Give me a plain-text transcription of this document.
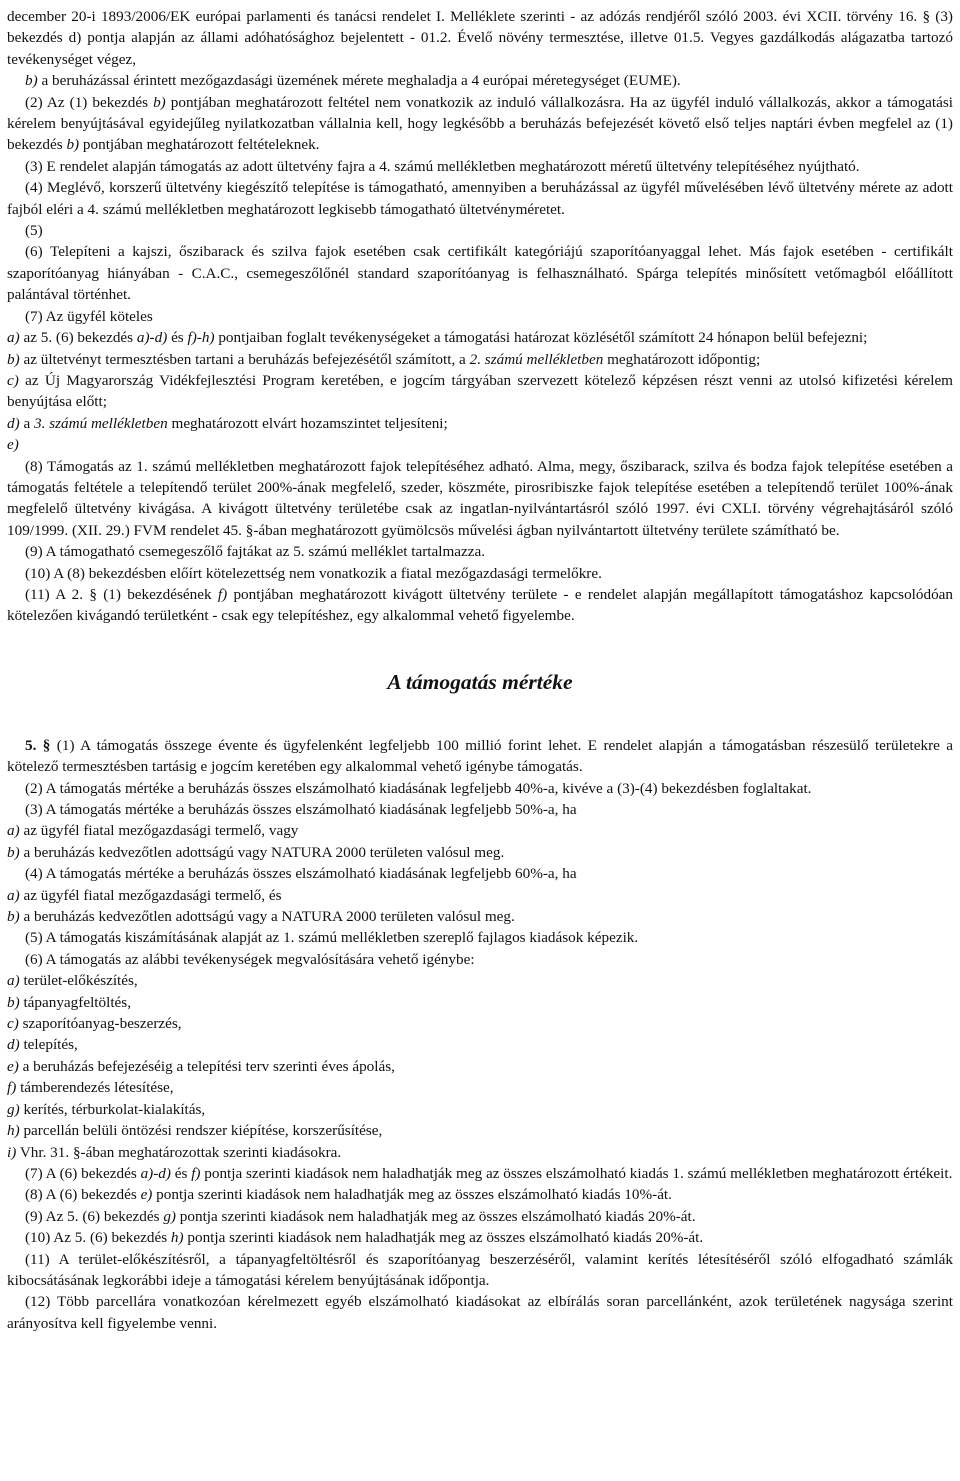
december 20-i 1893/2006/EK európai parlamenti és tanácsi rendelet I. Melléklete szerinti - az adózás rendjéről szóló 2003. évi XCII. törvény 16. § (3) bekezdés d) pontja alapján az állami adóhatósághoz bejelentett - 01.2. Évelő növény termesztése, illetve 01.5. Vegyes gazdálkodás alágazatba tartozó tevékenységet végez,

b) a beruházással érintett mezőgazdasági üzemének mérete meghaladja a 4 európai méretegységet (EUME).

(2) Az (1) bekezdés b) pontjában meghatározott feltétel nem vonatkozik az induló vállalkozásra. Ha az ügyfél induló vállalkozás, akkor a támogatási kérelem benyújtásával egyidejűleg nyilatkozatban vállalnia kell, hogy legkésőbb a beruházás befejezését követő első teljes naptári évben megfelel az (1) bekezdés b) pontjában meghatározott feltételeknek.

(3) E rendelet alapján támogatás az adott ültetvény fajra a 4. számú mellékletben meghatározott méretű ültetvény telepítéséhez nyújtható.

(4) Meglévő, korszerű ültetvény kiegészítő telepítése is támogatható, amennyiben a beruházással az ügyfél művelésében lévő ültetvény mérete az adott fajból eléri a 4. számú mellékletben meghatározott legkisebb támogatható ültetvényméretet.

(5)

(6) Telepíteni a kajszi, őszibarack és szilva fajok esetében csak certifikált kategóriájú szaporítóanyaggal lehet. Más fajok esetében - certifikált szaporítóanyag hiányában - C.A.C., csemegeszőlőnél standard szaporítóanyag is felhasználható. Spárga telepítés minősített vetőmagból előállított palántával történhet.

(7) Az ügyfél köteles

a) az 5. (6) bekezdés a)-d) és f)-h) pontjaiban foglalt tevékenységeket a támogatási határozat közlésétől számított 24 hónapon belül befejezni;

b) az ültetvényt termesztésben tartani a beruházás befejezésétől számított, a 2. számú mellékletben meghatározott időpontig;

c) az Új Magyarország Vidékfejlesztési Program keretében, e jogcím tárgyában szervezett kötelező képzésen részt venni az utolsó kifizetési kérelem benyújtása előtt;

d) a 3. számú mellékletben meghatározott elvárt hozamszintet teljesíteni;

e)

(8) Támogatás az 1. számú mellékletben meghatározott fajok telepítéséhez adható. Alma, megy, őszibarack, szilva és bodza fajok telepítése esetében a támogatás feltétele a telepítendő terület 200%-ának megfelelő, szeder, köszméte, pirosribiszke fajok telepítése esetében a telepítendő terület 100%-ának megfelelő ültetvény kivágása. A kivágott ültetvény területébe csak az ingatlan-nyilvántartásról szóló 1997. évi CXLI. törvény végrehajtásáról szóló 109/1999. (XII. 29.) FVM rendelet 45. §-ában meghatározott gyümölcsös művelési ágban nyilvántartott ültetvény területe számítható be.

(9) A támogatható csemegeszőlő fajtákat az 5. számú melléklet tartalmazza.

(10) A (8) bekezdésben előírt kötelezettség nem vonatkozik a fiatal mezőgazdasági termelőkre.

(11) A 2. § (1) bekezdésének f) pontjában meghatározott kivágott ültetvény területe - e rendelet alapján megállapított támogatáshoz kapcsolódóan kötelezően kivágandó területként - csak egy telepítéshez, egy alkalommal vehető figyelembe.

A támogatás mértéke

5. § (1) A támogatás összege évente és ügyfelenként legfeljebb 100 millió forint lehet. E rendelet alapján a támogatásban részesülő területekre a kötelező termesztésben tartásig e jogcím keretében egy alkalommal vehető igénybe támogatás.

(2) A támogatás mértéke a beruházás összes elszámolható kiadásának legfeljebb 40%-a, kivéve a (3)-(4) bekezdésben foglaltakat.

(3) A támogatás mértéke a beruházás összes elszámolható kiadásának legfeljebb 50%-a, ha

a) az ügyfél fiatal mezőgazdasági termelő, vagy

b) a beruházás kedvezőtlen adottságú vagy NATURA 2000 területen valósul meg.

(4) A támogatás mértéke a beruházás összes elszámolható kiadásának legfeljebb 60%-a, ha

a) az ügyfél fiatal mezőgazdasági termelő, és

b) a beruházás kedvezőtlen adottságú vagy a NATURA 2000 területen valósul meg.

(5) A támogatás kiszámításának alapját az 1. számú mellékletben szereplő fajlagos kiadások képezik.

(6) A támogatás az alábbi tevékenységek megvalósítására vehető igénybe:

a) terület-előkészítés,

b) tápanyagfeltöltés,

c) szaporítóanyag-beszerzés,

d) telepítés,

e) a beruházás befejezéséig a telepítési terv szerinti éves ápolás,

f) támberendezés létesítése,

g) kerítés, térburkolat-kialakítás,

h) parcellán belüli öntözési rendszer kiépítése, korszerűsítése,

i) Vhr. 31. §-ában meghatározottak szerinti kiadásokra.

(7) A (6) bekezdés a)-d) és f) pontja szerinti kiadások nem haladhatják meg az összes elszámolható kiadás 1. számú mellékletben meghatározott értékeit.

(8) A (6) bekezdés e) pontja szerinti kiadások nem haladhatják meg az összes elszámolható kiadás 10%-át.

(9) Az 5. (6) bekezdés g) pontja szerinti kiadások nem haladhatják meg az összes elszámolható kiadás 20%-át.

(10) Az 5. (6) bekezdés h) pontja szerinti kiadások nem haladhatják meg az összes elszámolható kiadás 20%-át.

(11) A terület-előkészítésről, a tápanyagfeltöltésről és szaporítóanyag beszerzéséről, valamint kerítés létesítéséről szóló elfogadható számlák kibocsátásának legkorábbi ideje a támogatási kérelem benyújtásának időpontja.

(12) Több parcellára vonatkozóan kérelmezett egyéb elszámolható kiadásokat az elbírálás soran parcellánként, azok területének nagysága szerint arányosítva kell figyelembe venni.
